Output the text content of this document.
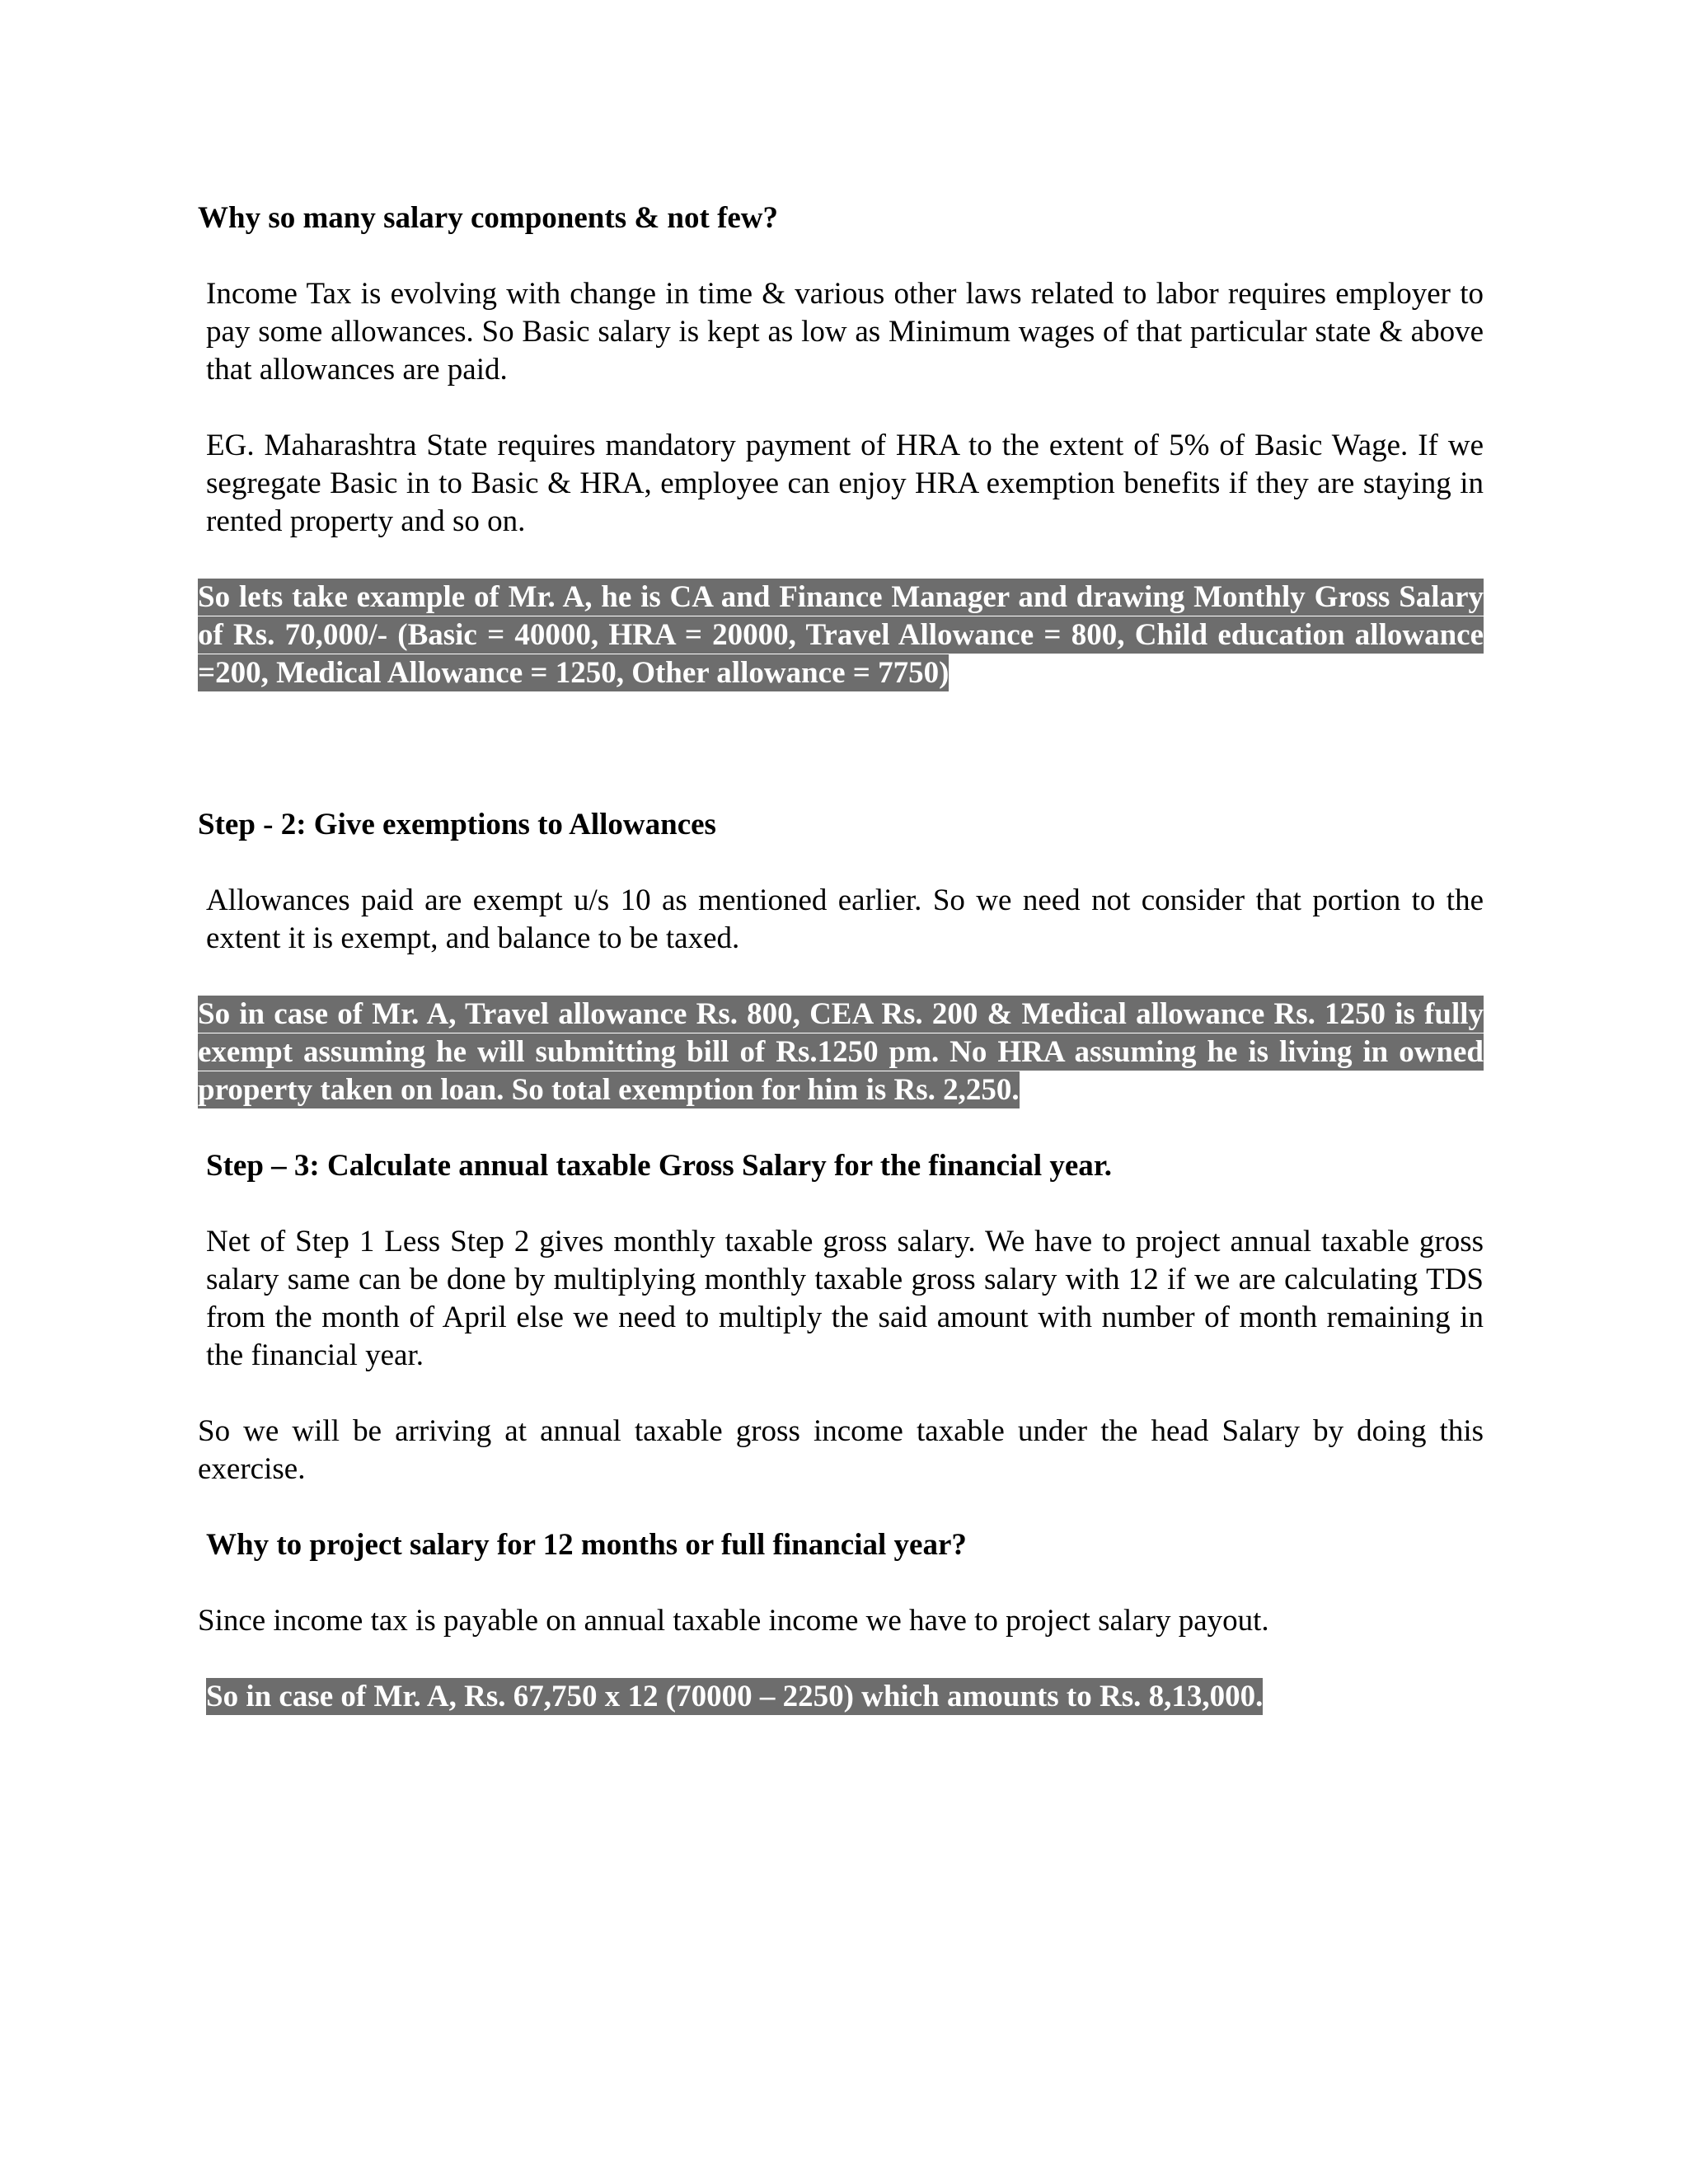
Why so many salary components & not few?

Income Tax is evolving with change in time & various other laws related to labor requires employer to pay some allowances. So Basic salary is kept as low as Minimum wages of that particular state & above that allowances are paid.

EG. Maharashtra State requires mandatory payment of HRA to the extent of 5% of Basic Wage. If we segregate Basic in to Basic & HRA, employee can enjoy HRA exemption benefits if they are staying in rented property and so on.

So lets take example of Mr. A, he is CA and Finance Manager and drawing Monthly Gross Salary of Rs. 70,000/- (Basic = 40000, HRA = 20000, Travel Allowance = 800, Child education allowance =200, Medical Allowance = 1250, Other allowance = 7750)

Step - 2: Give exemptions to Allowances

Allowances paid are exempt u/s 10 as mentioned earlier. So we need not consider that portion to the extent it is exempt, and balance to be taxed.

So in case of Mr. A, Travel allowance Rs. 800, CEA Rs. 200 & Medical allowance Rs. 1250 is fully exempt assuming he will submitting bill of Rs.1250 pm. No HRA assuming he is living in owned property taken on loan. So total exemption for him is Rs. 2,250.

Step – 3: Calculate annual taxable Gross Salary for the financial year.

Net of Step 1 Less Step 2 gives monthly taxable gross salary. We have to project annual taxable gross salary same can be done by multiplying monthly taxable gross salary with 12 if we are calculating TDS from the month of April else we need to multiply the said amount with number of month remaining in the financial year.

So we will be arriving at annual taxable gross income taxable under the head Salary by doing this exercise.

Why to project salary for 12 months or full financial year?

Since income tax is payable on annual taxable income we have to project salary payout.

So in case of Mr. A, Rs. 67,750 x 12 (70000 – 2250) which amounts to Rs. 8,13,000.
